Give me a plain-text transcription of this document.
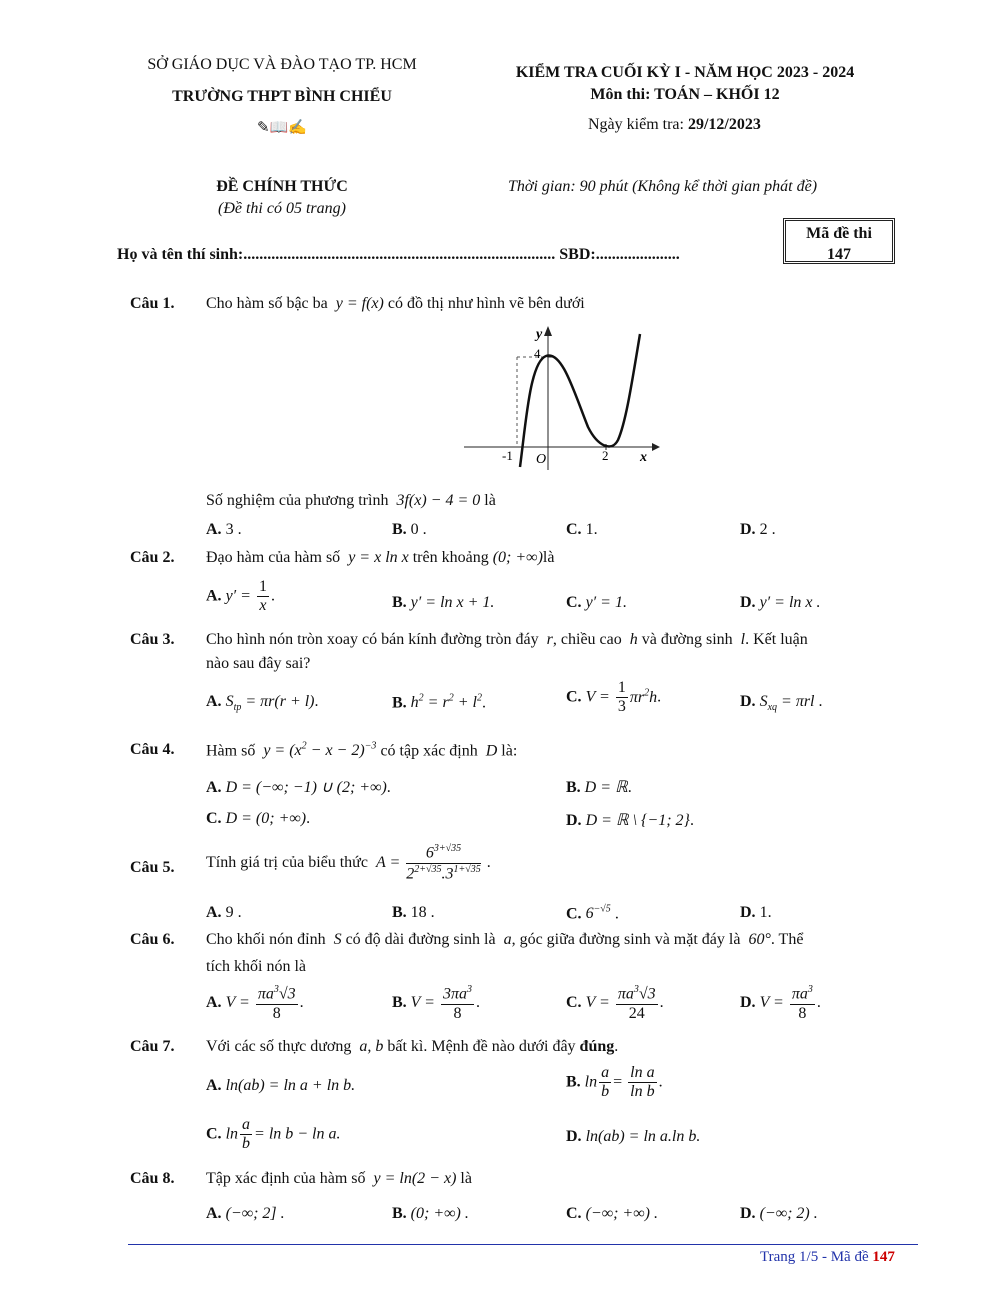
SỞ GIÁO DỤC VÀ ĐÀO TẠO TP. HCM
TRƯỜNG THPT BÌNH CHIỂU
✎📖✍
KIỂM TRA CUỐI KỲ I - NĂM HỌC 2023 - 2024
Môn thi: TOÁN – KHỐI 12
Ngày kiểm tra: 29/12/2023
ĐỀ CHÍNH THỨC
(Đề thi có 05 trang)
Thời gian: 90 phút (Không kể thời gian phát đề)
Họ và tên thí sinh:.............................................................................. SBD:.....................
Mã đề thi
147
Câu 1. Cho hàm số bậc ba y = f(x) có đồ thị như hình vẽ bên dưới
y
4
-1 O	2 x
Số nghiệm của phương trình 3f(x) − 4 = 0 là
A. 3 .	B. 0 .	C. 1.	D. 2 .
Câu 2. Đạo hàm của hàm số y = x ln x trên khoảng (0; +∞)là
A. $y' = \frac{1}{x}$ .	B. y′ = ln x + 1.	C. y′ = 1.	D. y′ = ln x .
Câu 3. Cho hình nón tròn xoay có bán kính đường tròn đáy r, chiều cao h và đường sinh l. Kết luận
nào sau đây sai?
A. $S_{tp} = \pi r(r + l)$.	B. $h^2 = r^2 + l^2$.	C. $V = \frac{1}{3} \pi r^2h$.	D. $S_{xq} = \pi rl$ .
Câu 4. Hàm số $y = (x^2 - x - 2)^{-3}$ có tập xác định D là:
A. D = (−∞; −1) ∪ (2; +∞).	B. D = ℝ.
C. D = (0; +∞).	D. D = ℝ \ {−1; 2}.
Câu 5. Tính giá trị của biểu thức $A = \frac{6^{3+√35}}{2^{2+√35}.3^{1+√35}}$ .
A. 9 .	B. 18 .	C. $6^{-√5}$ .	D. 1.
Câu 6. Cho khối nón đỉnh S có độ dài đường sinh là a, góc giữa đường sinh và mặt đáy là 60°. Thể
tích khối nón là
A. $V = \frac{\pi a^3√3}{8}$ .	B. $V = \frac{3\pi a^3}{8}$ .	C. $V = \frac{\pi a^3√3}{24}$ .	D. $V = \frac{\pi a^3}{8}$ .
Câu 7. Với các số thực dương a, b bất kì. Mệnh đề nào dưới đây đúng.
A. ln(ab) = ln a + ln b.	B. $\ln \frac{a}{b} = \frac{\text{ln a}}{\text{ln b}}$ .
C. $\ln \frac{a}{b} = \ln b - \ln a$.	D. ln(ab) = ln a.ln b.
Câu 8. Tập xác định của hàm số y = ln(2 − x) là
A. (−∞; 2] .	B. (0; +∞) .	C. (−∞; +∞) .	D. (−∞; 2) .
Trang 1/5 - Mã đề 147
